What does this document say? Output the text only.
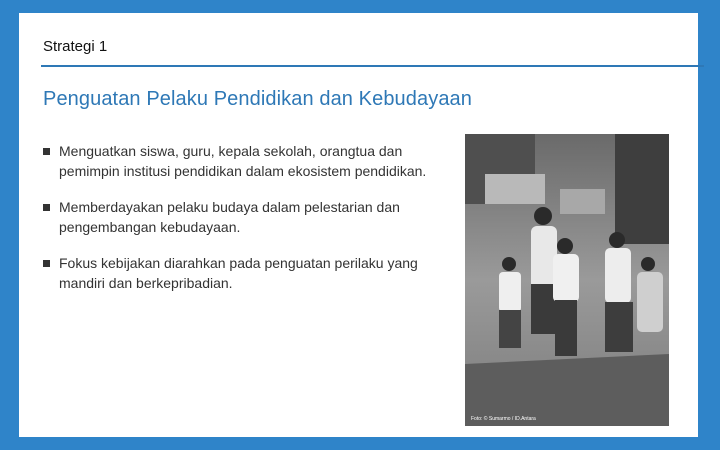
Strategi 1
Penguatan Pelaku Pendidikan dan Kebudayaan
Menguatkan siswa, guru, kepala sekolah, orangtua dan pemimpin institusi pendidikan dalam ekosistem pendidikan.
Memberdayakan pelaku budaya dalam pelestarian dan pengembangan kebudayaan.
Fokus kebijakan diarahkan pada penguatan perilaku yang mandiri dan berkepribadian.
Foto: © Sumarmo / ID.Antara
